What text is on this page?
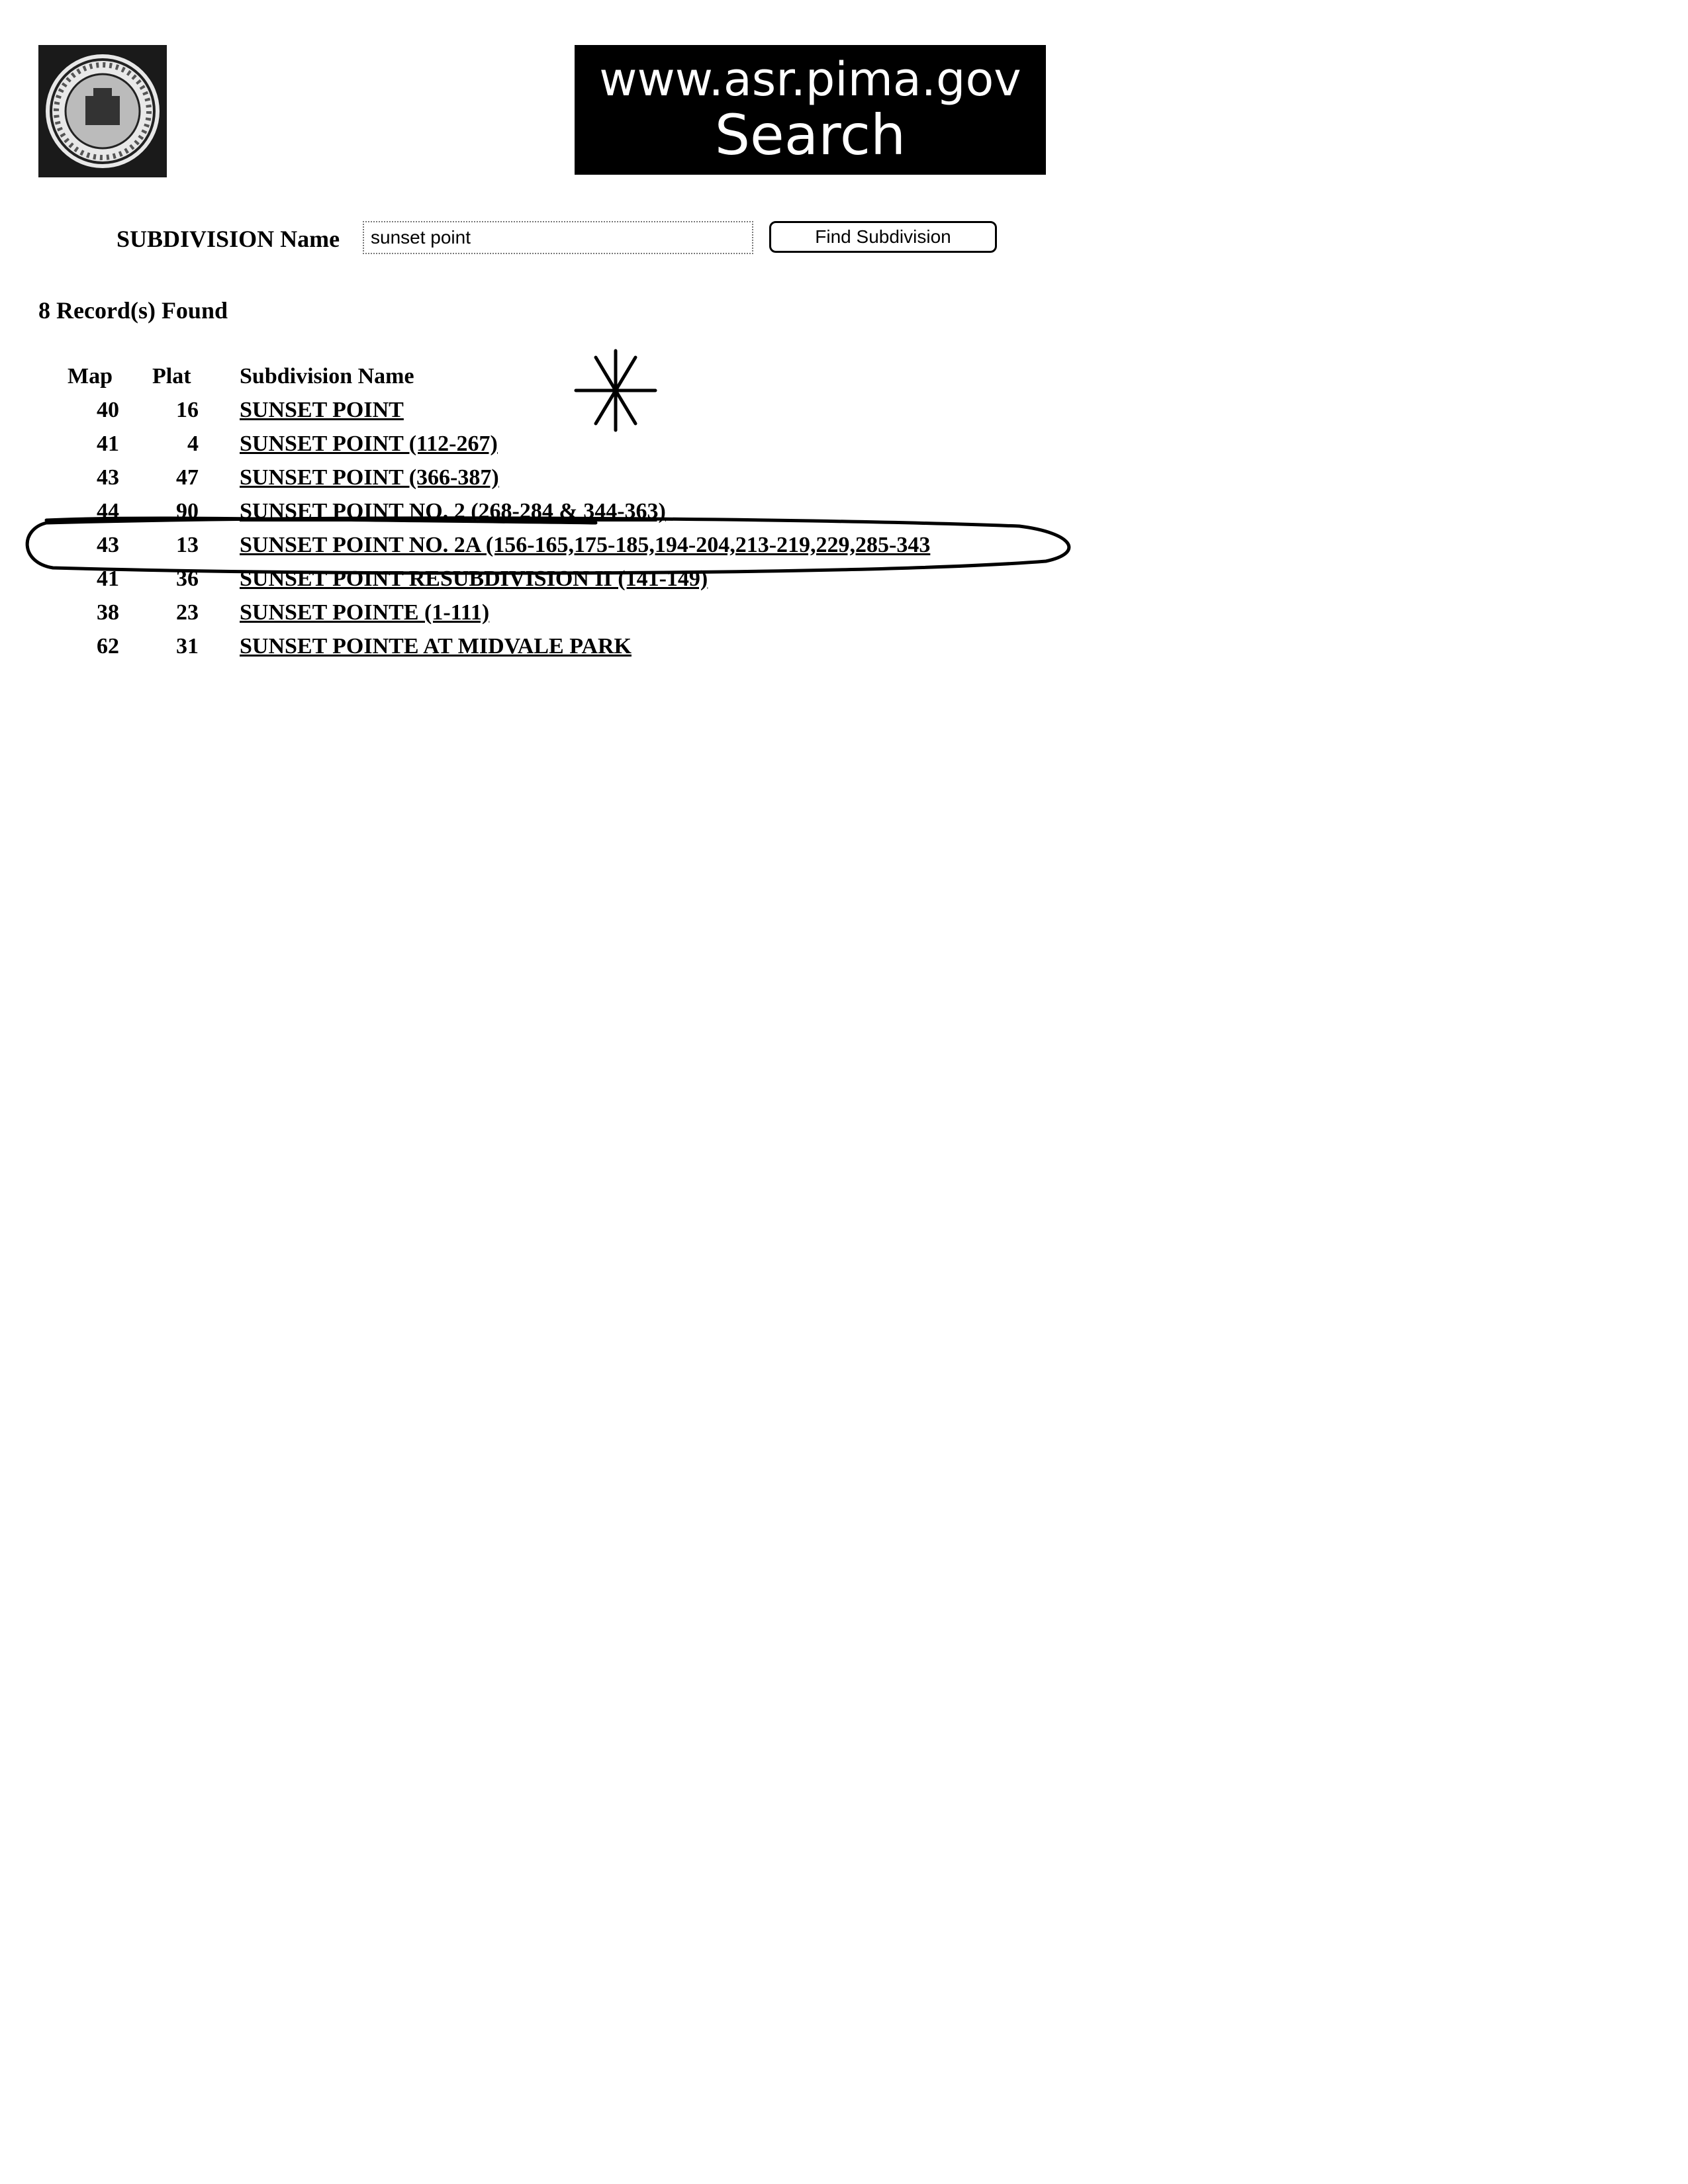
www.asr.pima.gov
Search
SUBDIVISION Name
sunset point	Find Subdivision
8 Record(s) Found
Map Plat Subdivision Name
40	16 SUNSET POINT
41	4 SUNSET POINT (112-267)
43	47 SUNSET POINT (366-387)
44	90 SUNSET POINT NO. 2 (268-284 & 344-363)
43	13 SUNSET POINT NO. 2A (156-165,175-185,194-204,213-219,229,285-343
41	36 SUNSET POINT RESUBDIVISION II (141-149)
38	23 SUNSET POINTE (1-111)
62	31 SUNSET POINTE AT MIDVALE PARK
